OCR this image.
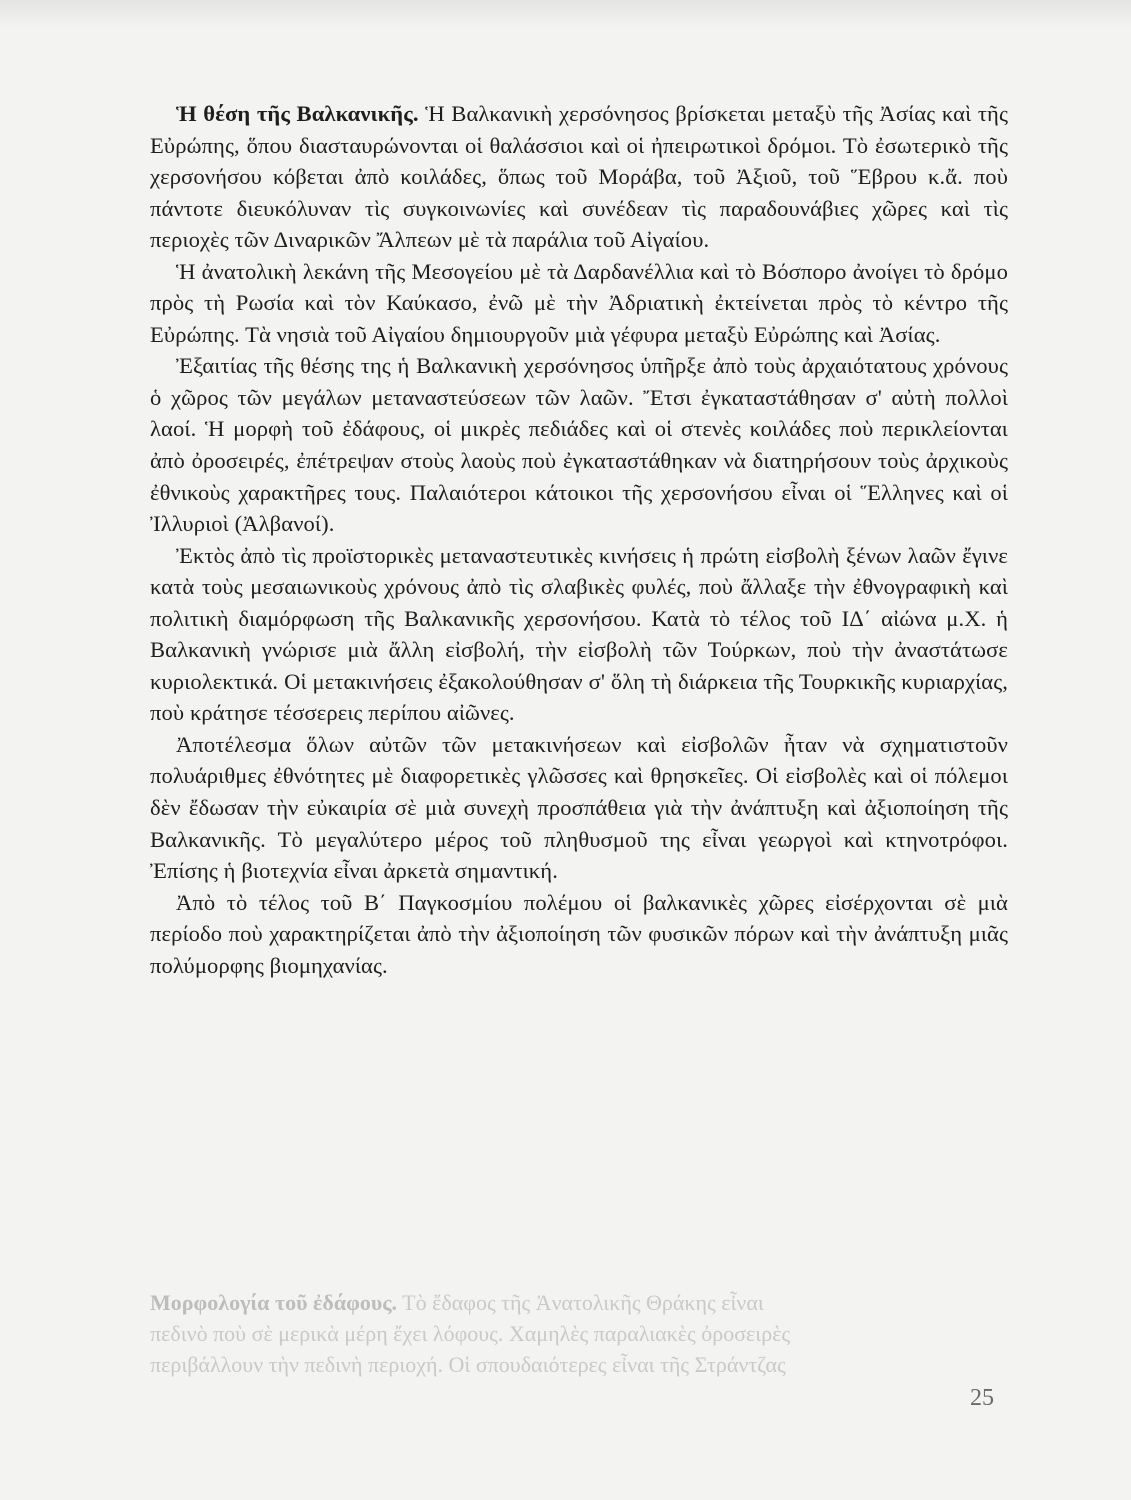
Ἡ θέση τῆς Βαλκανικῆς. Ἡ Βαλκανικὴ χερσόνησος βρίσκεται μεταξὺ τῆς Ἀσίας καὶ τῆς Εὐρώπης, ὅπου διασταυρώνονται οἱ θαλάσσιοι καὶ οἱ ἠπειρωτικοὶ δρόμοι. Τὸ ἐσωτερικὸ τῆς χερσονήσου κόβεται ἀπὸ κοιλάδες, ὅπως τοῦ Μοράβα, τοῦ Ἀξιοῦ, τοῦ Ἕβρου κ.ἄ. ποὺ πάντοτε διευκόλυναν τὶς συγκοινωνίες καὶ συνέδεαν τὶς παραδουνάβιες χῶρες καὶ τὶς περιοχὲς τῶν Διναρικῶν Ἄλπεων μὲ τὰ παράλια τοῦ Αἰγαίου.

Ἡ ἀνατολικὴ λεκάνη τῆς Μεσογείου μὲ τὰ Δαρδανέλλια καὶ τὸ Βόσπορο ἀνοίγει τὸ δρόμο πρὸς τὴ Ρωσία καὶ τὸν Καύκασο, ἐνῶ μὲ τὴν Ἀδριατικὴ ἐκτείνεται πρὸς τὸ κέντρο τῆς Εὐρώπης. Τὰ νησιὰ τοῦ Αἰγαίου δημιουργοῦν μιὰ γέφυρα μεταξὺ Εὐρώπης καὶ Ἀσίας.

Ἐξαιτίας τῆς θέσης της ἡ Βαλκανικὴ χερσόνησος ὑπῆρξε ἀπὸ τοὺς ἀρχαιότατους χρόνους ὁ χῶρος τῶν μεγάλων μεταναστεύσεων τῶν λαῶν. Ἔτσι ἐγκαταστάθησαν σ' αὐτὴ πολλοὶ λαοί. Ἡ μορφὴ τοῦ ἐδάφους, οἱ μικρὲς πεδιάδες καὶ οἱ στενὲς κοιλάδες ποὺ περικλείονται ἀπὸ ὀροσειρές, ἐπέτρεψαν στοὺς λαοὺς ποὺ ἐγκαταστάθηκαν νὰ διατηρήσουν τοὺς ἀρχικοὺς ἐθνικοὺς χαρακτῆρες τους. Παλαιότεροι κάτοικοι τῆς χερσονήσου εἶναι οἱ Ἕλληνες καὶ οἱ Ἰλλυριοὶ (Ἀλβανοί).

Ἐκτὸς ἀπὸ τὶς προϊστορικὲς μεταναστευτικὲς κινήσεις ἡ πρώτη εἰσβολὴ ξένων λαῶν ἔγινε κατὰ τοὺς μεσαιωνικοὺς χρόνους ἀπὸ τὶς σλαβικὲς φυλές, ποὺ ἄλλαξε τὴν ἐθνογραφικὴ καὶ πολιτικὴ διαμόρφωση τῆς Βαλκανικῆς χερσονήσου. Κατὰ τὸ τέλος τοῦ ΙΔ΄ αἰώνα μ.Χ. ἡ Βαλκανικὴ γνώρισε μιὰ ἄλλη εἰσβολή, τὴν εἰσβολὴ τῶν Τούρκων, ποὺ τὴν ἀναστάτωσε κυριολεκτικά. Οἱ μετακινήσεις ἐξακολούθησαν σ' ὅλη τὴ διάρκεια τῆς Τουρκικῆς κυριαρχίας, ποὺ κράτησε τέσσερεις περίπου αἰῶνες.

Ἀποτέλεσμα ὅλων αὐτῶν τῶν μετακινήσεων καὶ εἰσβολῶν ἦταν νὰ σχηματιστοῦν πολυάριθμες ἐθνότητες μὲ διαφορετικὲς γλῶσσες καὶ θρησκεῖες. Οἱ εἰσβολὲς καὶ οἱ πόλεμοι δὲν ἔδωσαν τὴν εὐκαιρία σὲ μιὰ συνεχὴ προσπάθεια γιὰ τὴν ἀνάπτυξη καὶ ἀξιοποίηση τῆς Βαλκανικῆς. Τὸ μεγαλύτερο μέρος τοῦ πληθυσμοῦ της εἶναι γεωργοὶ καὶ κτηνοτρόφοι. Ἐπίσης ἡ βιοτεχνία εἶναι ἀρκετὰ σημαντική.

Ἀπὸ τὸ τέλος τοῦ Β΄ Παγκοσμίου πολέμου οἱ βαλκανικὲς χῶρες εἰσέρχονται σὲ μιὰ περίοδο ποὺ χαρακτηρίζεται ἀπὸ τὴν ἀξιοποίηση τῶν φυσικῶν πόρων καὶ τὴν ἀνάπτυξη μιᾶς πολύμορφης βιομηχανίας.

Μορφολογία τοῦ ἐδάφους. Τὸ ἔδαφος τῆς Ἀνατολικῆς Θράκης εἶναι
πεδινὸ ποὺ σὲ μερικὰ μέρη ἔχει λόφους. Χαμηλὲς παραλιακὲς ὀροσειρὲς
περιβάλλουν τὴν πεδινὴ περιοχή. Οἱ σπουδαιότερες εἶναι τῆς Στράντζας
25
